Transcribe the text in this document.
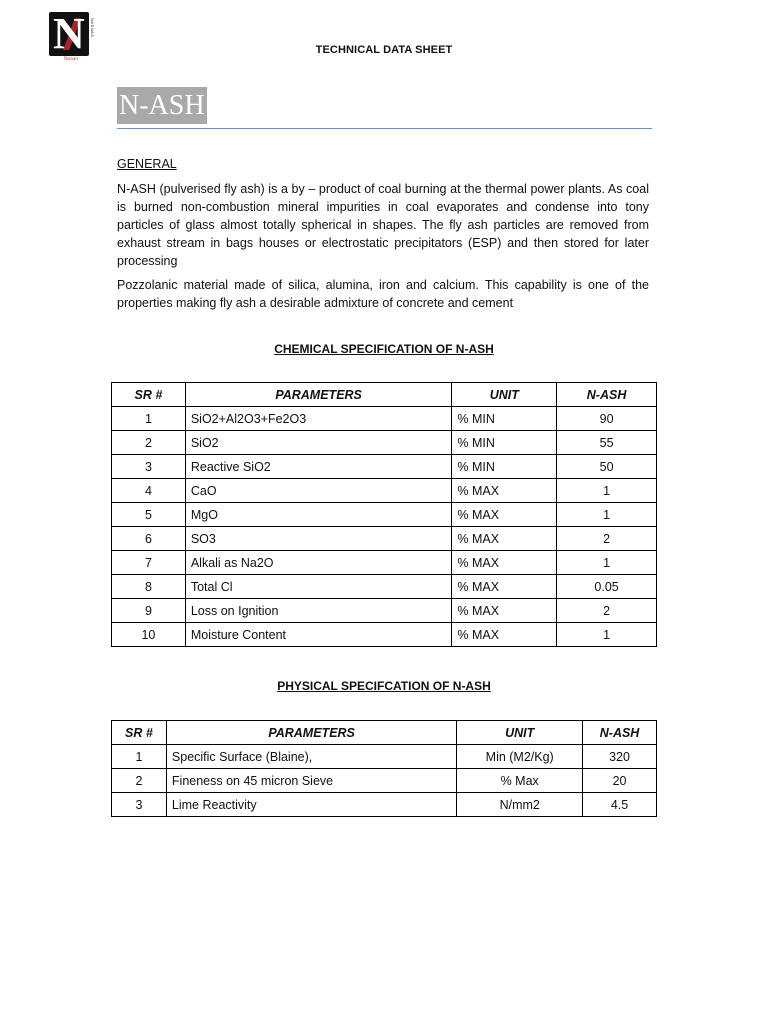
N NASNAS
Nsmart
TECHNICAL DATA SHEET
N-ASH
GENERAL
N-ASH (pulverised fly ash) is a by – product of coal burning at the thermal power plants. As coal is burned non-combustion mineral impurities in coal evaporates and condense into tony particles of glass almost totally spherical in shapes. The fly ash particles are removed from exhaust stream in bags houses or electrostatic precipitators (ESP) and then stored for later processing
Pozzolanic material made of silica, alumina, iron and calcium. This capability is one of the properties making fly ash a desirable admixture of concrete and cement
CHEMICAL SPECIFICATION OF N-ASH
SR #	PARAMETERS	UNIT	N-ASH
1	SiO2+Al2O3+Fe2O3	% MIN	90
2	SiO2	% MIN	55
3	Reactive SiO2	% MIN	50
4	CaO	% MAX	1
5	MgO	% MAX	1
6	SO3	% MAX	2
7	Alkali as Na2O	% MAX	1
8	Total Cl	% MAX	0.05
9	Loss on Ignition	% MAX	2
10	Moisture Content	% MAX	1
PHYSICAL SPECIFCATION OF N-ASH
SR #	PARAMETERS	UNIT	N-ASH
1	Specific Surface (Blaine),	Min (M2/Kg)	320
2	Fineness on 45 micron Sieve	% Max	20
3	Lime Reactivity	N/mm2	4.5
